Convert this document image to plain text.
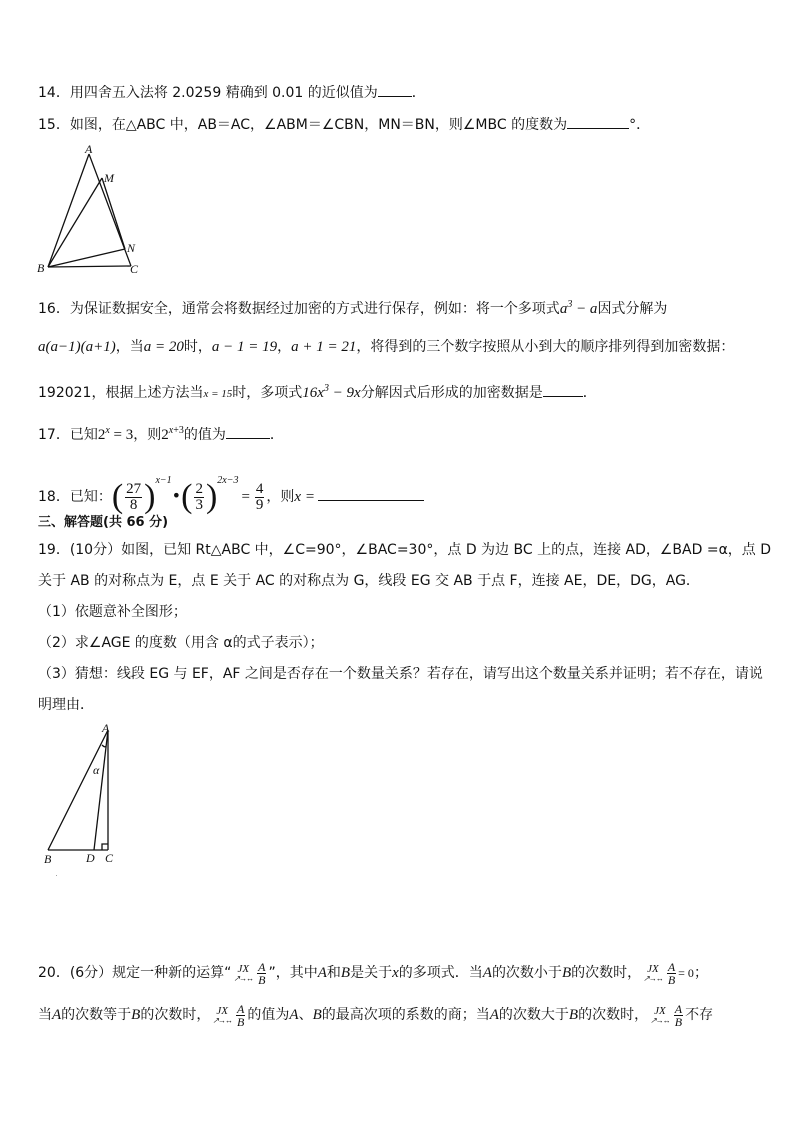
14．用四舍五入法将 2.0259 精确到 0.01 的近似值为 ．
15．如图，在△ABC 中，AB＝AC，∠ABM＝∠CBN，MN＝BN，则∠MBC 的度数为	°．
A
M
N
B	C
16．为保证数据安全，通常会将数据经过加密的方式进行保存，例如：将一个多项式$a^3 - a$因式分解为
a(a−1)(a+1)，当a = 20时，a − 1 = 19，a + 1 = 21，将得到的三个数字按照从小到大的顺序排列得到加密数据：
192021，根据上述方法当x = 15时，多项式$16x^3 - 9x$分解因式后形成的加密数据是	．
17．已知$2^x = 3$，则$2^{x+3}$的值为	．
18．已知：( $\frac{27}{8}$ )$^{x-1}$•( $\frac{2}{3} )^{2x-3}= \frac{4}{9}$ ，则x =
三、解答题(共 66 分)
19．(10分）如图，已知 Rt△ABC 中，∠C=90°，∠BAC=30°，点 D 为边 BC 上的点，连接 AD，∠BAD =α，点 D
关于 AB 的对称点为 E，点 E 关于 AC 的对称点为 G，线段 EG 交 AB 于点 F，连接 AE，DE，DG，AG．
（1）依题意补全图形；
（2）求∠AGE 的度数（用含 α的式子表示）；
（3）猜想：线段 EG 与 EF，AF 之间是否存在一个数量关系？若存在，请写出这个数量关系并证明；若不存在，请说
明理由．
A
α
B	D C
.
20．(6分）规定一种新的运算“ JX
↗→↔ $\frac{A}{B}$ ”，其中A和B是关于x的多项式．当A的次数小于B的次数时， JX
↗→↔ $\frac{A}{B} = 0$；
当A的次数等于B的次数时， JX
↗→↔ $\frac{A}{B}$ 的值为A、B的最高次项的系数的商；当A的次数大于B的次数时， JX
↗→↔ $\frac{A}{B}$ 不存
